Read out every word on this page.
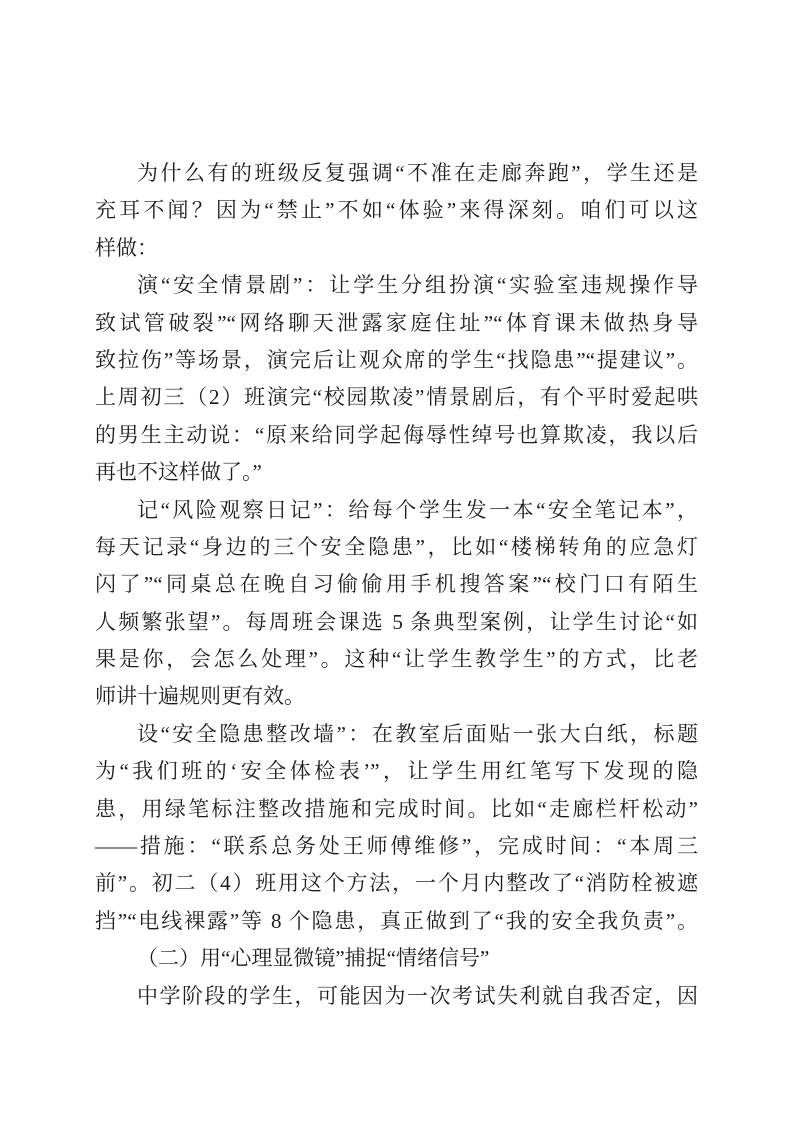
为什么有的班级反复强调“不准在走廊奔跑”，学生还是
充耳不闻？因为“禁止”不如“体验”来得深刻。咱们可以这
样做：
演“安全情景剧”：让学生分组扮演“实验室违规操作导
致试管破裂”“网络聊天泄露家庭住址”“体育课未做热身导
致拉伤”等场景，演完后让观众席的学生“找隐患”“提建议”。
上周初三（2）班演完“校园欺凌”情景剧后，有个平时爱起哄
的男生主动说：“原来给同学起侮辱性绰号也算欺凌，我以后
再也不这样做了。”
记“风险观察日记”：给每个学生发一本“安全笔记本”，
每天记录“身边的三个安全隐患”，比如“楼梯转角的应急灯
闪了”“同桌总在晚自习偷偷用手机搜答案”“校门口有陌生
人频繁张望”。每周班会课选 5 条典型案例，让学生讨论“如
果是你，会怎么处理”。这种“让学生教学生”的方式，比老
师讲十遍规则更有效。
设“安全隐患整改墙”：在教室后面贴一张大白纸，标题
为“我们班的‘安全体检表’”，让学生用红笔写下发现的隐
患，用绿笔标注整改措施和完成时间。比如“走廊栏杆松动”
——措施：“联系总务处王师傅维修”，完成时间：“本周三
前”。初二（4）班用这个方法，一个月内整改了“消防栓被遮
挡”“电线裸露”等 8 个隐患，真正做到了“我的安全我负责”。
（二）用“心理显微镜”捕捉“情绪信号”
中学阶段的学生，可能因为一次考试失利就自我否定，因
